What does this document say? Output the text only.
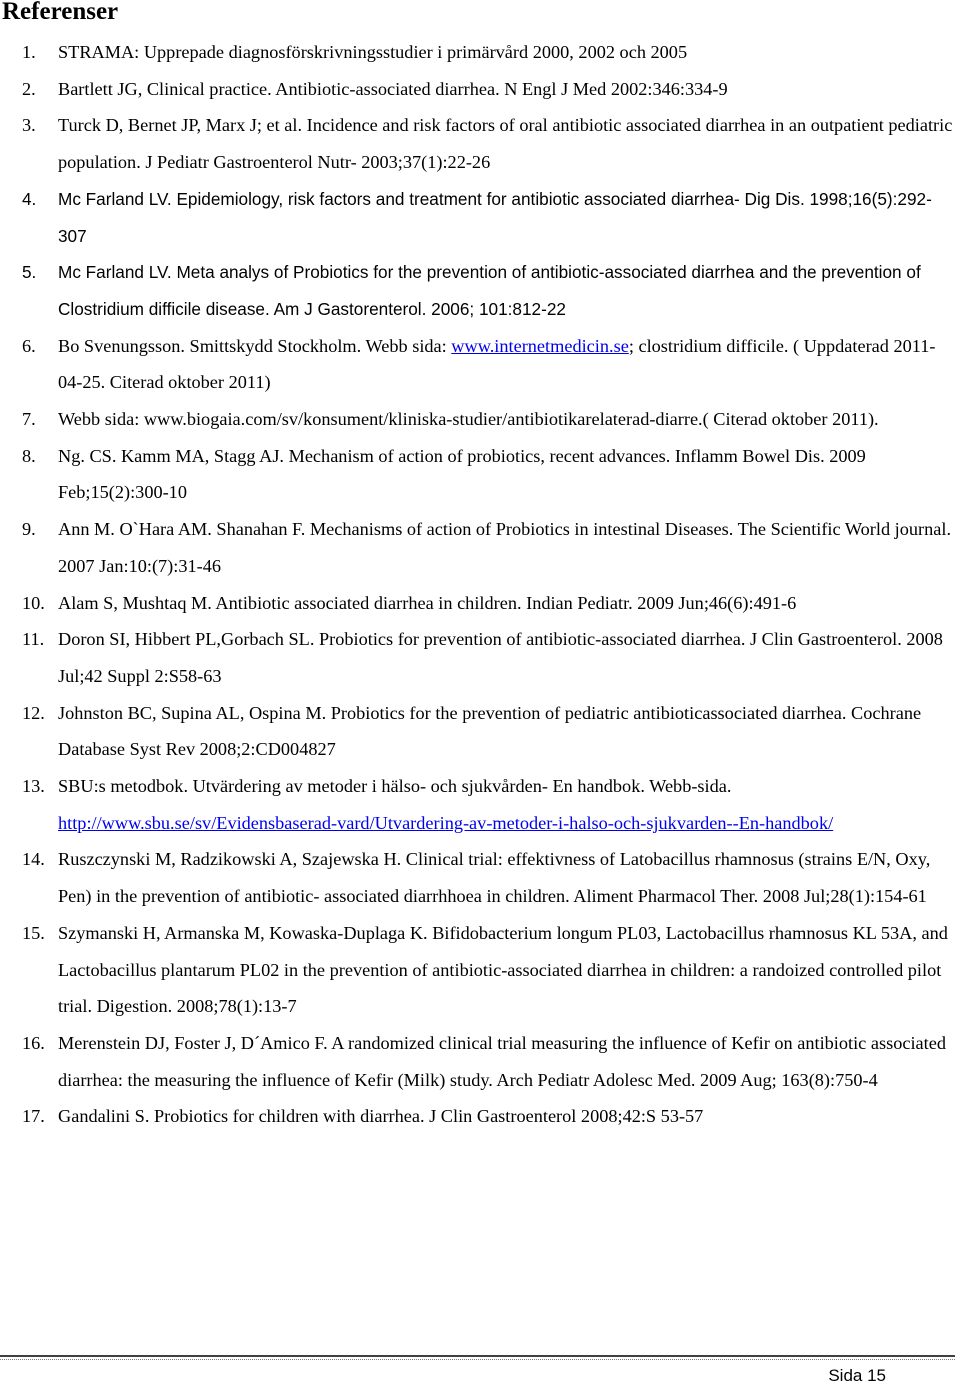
Referenser
1. STRAMA: Upprepade diagnosförskrivningsstudier i primärvård 2000, 2002 och 2005
2. Bartlett JG, Clinical practice. Antibiotic-associated diarrhea. N Engl J Med 2002:346:334-9
3. Turck D, Bernet JP, Marx J; et al. Incidence and risk factors of oral antibiotic associated diarrhea in an outpatient pediatric population. J Pediatr Gastroenterol Nutr- 2003;37(1):22-26
4. Mc Farland LV. Epidemiology, risk factors and treatment for antibiotic associated diarrhea- Dig Dis. 1998;16(5):292-307
5. Mc Farland LV. Meta analys of Probiotics for the prevention of antibiotic-associated diarrhea and the prevention of Clostridium difficile disease. Am J Gastorenterol. 2006; 101:812-22
6. Bo Svenungsson. Smittskydd Stockholm. Webb sida: www.internetmedicin.se; clostridium difficile. ( Uppdaterad 2011-04-25. Citerad oktober 2011)
7. Webb sida: www.biogaia.com/sv/konsument/kliniska-studier/antibiotikarelaterad-diarre.( Citerad oktober 2011).
8. Ng. CS. Kamm MA, Stagg AJ. Mechanism of action of probiotics, recent advances. Inflamm Bowel Dis. 2009 Feb;15(2):300-10
9. Ann M. O`Hara AM. Shanahan F. Mechanisms of action of Probiotics in intestinal Diseases. The Scientific World journal. 2007 Jan:10:(7):31-46
10. Alam S, Mushtaq M. Antibiotic associated diarrhea in children. Indian Pediatr. 2009 Jun;46(6):491-6
11. Doron SI, Hibbert PL,Gorbach SL. Probiotics for prevention of antibiotic-associated diarrhea. J Clin Gastroenterol. 2008 Jul;42 Suppl 2:S58-63
12. Johnston BC, Supina AL, Ospina M. Probiotics for the prevention of pediatric antibioticassociated diarrhea. Cochrane Database Syst Rev 2008;2:CD004827
13. SBU:s metodbok. Utvärdering av metoder i hälso- och sjukvården- En handbok. Webb-sida. http://www.sbu.se/sv/Evidensbaserad-vard/Utvardering-av-metoder-i-halso-och-sjukvarden--En-handbok/
14. Ruszczynski M, Radzikowski A, Szajewska H. Clinical trial: effektivness of Latobacillus rhamnosus (strains E/N, Oxy, Pen) in the prevention of antibiotic- associated diarrhhoea in children. Aliment Pharmacol Ther. 2008 Jul;28(1):154-61
15. Szymanski H, Armanska M, Kowaska-Duplaga K. Bifidobacterium longum PL03, Lactobacillus rhamnosus KL 53A, and Lactobacillus plantarum PL02 in the prevention of antibiotic-associated diarrhea in children: a randoized controlled pilot trial. Digestion. 2008;78(1):13-7
16. Merenstein DJ, Foster J, D´Amico F. A randomized clinical trial measuring the influence of Kefir on antibiotic associated diarrhea: the measuring the influence of Kefir (Milk) study. Arch Pediatr Adolesc Med. 2009 Aug; 163(8):750-4
17. Gandalini S. Probiotics for children with diarrhea. J Clin Gastroenterol 2008;42:S 53-57
Sida 15
